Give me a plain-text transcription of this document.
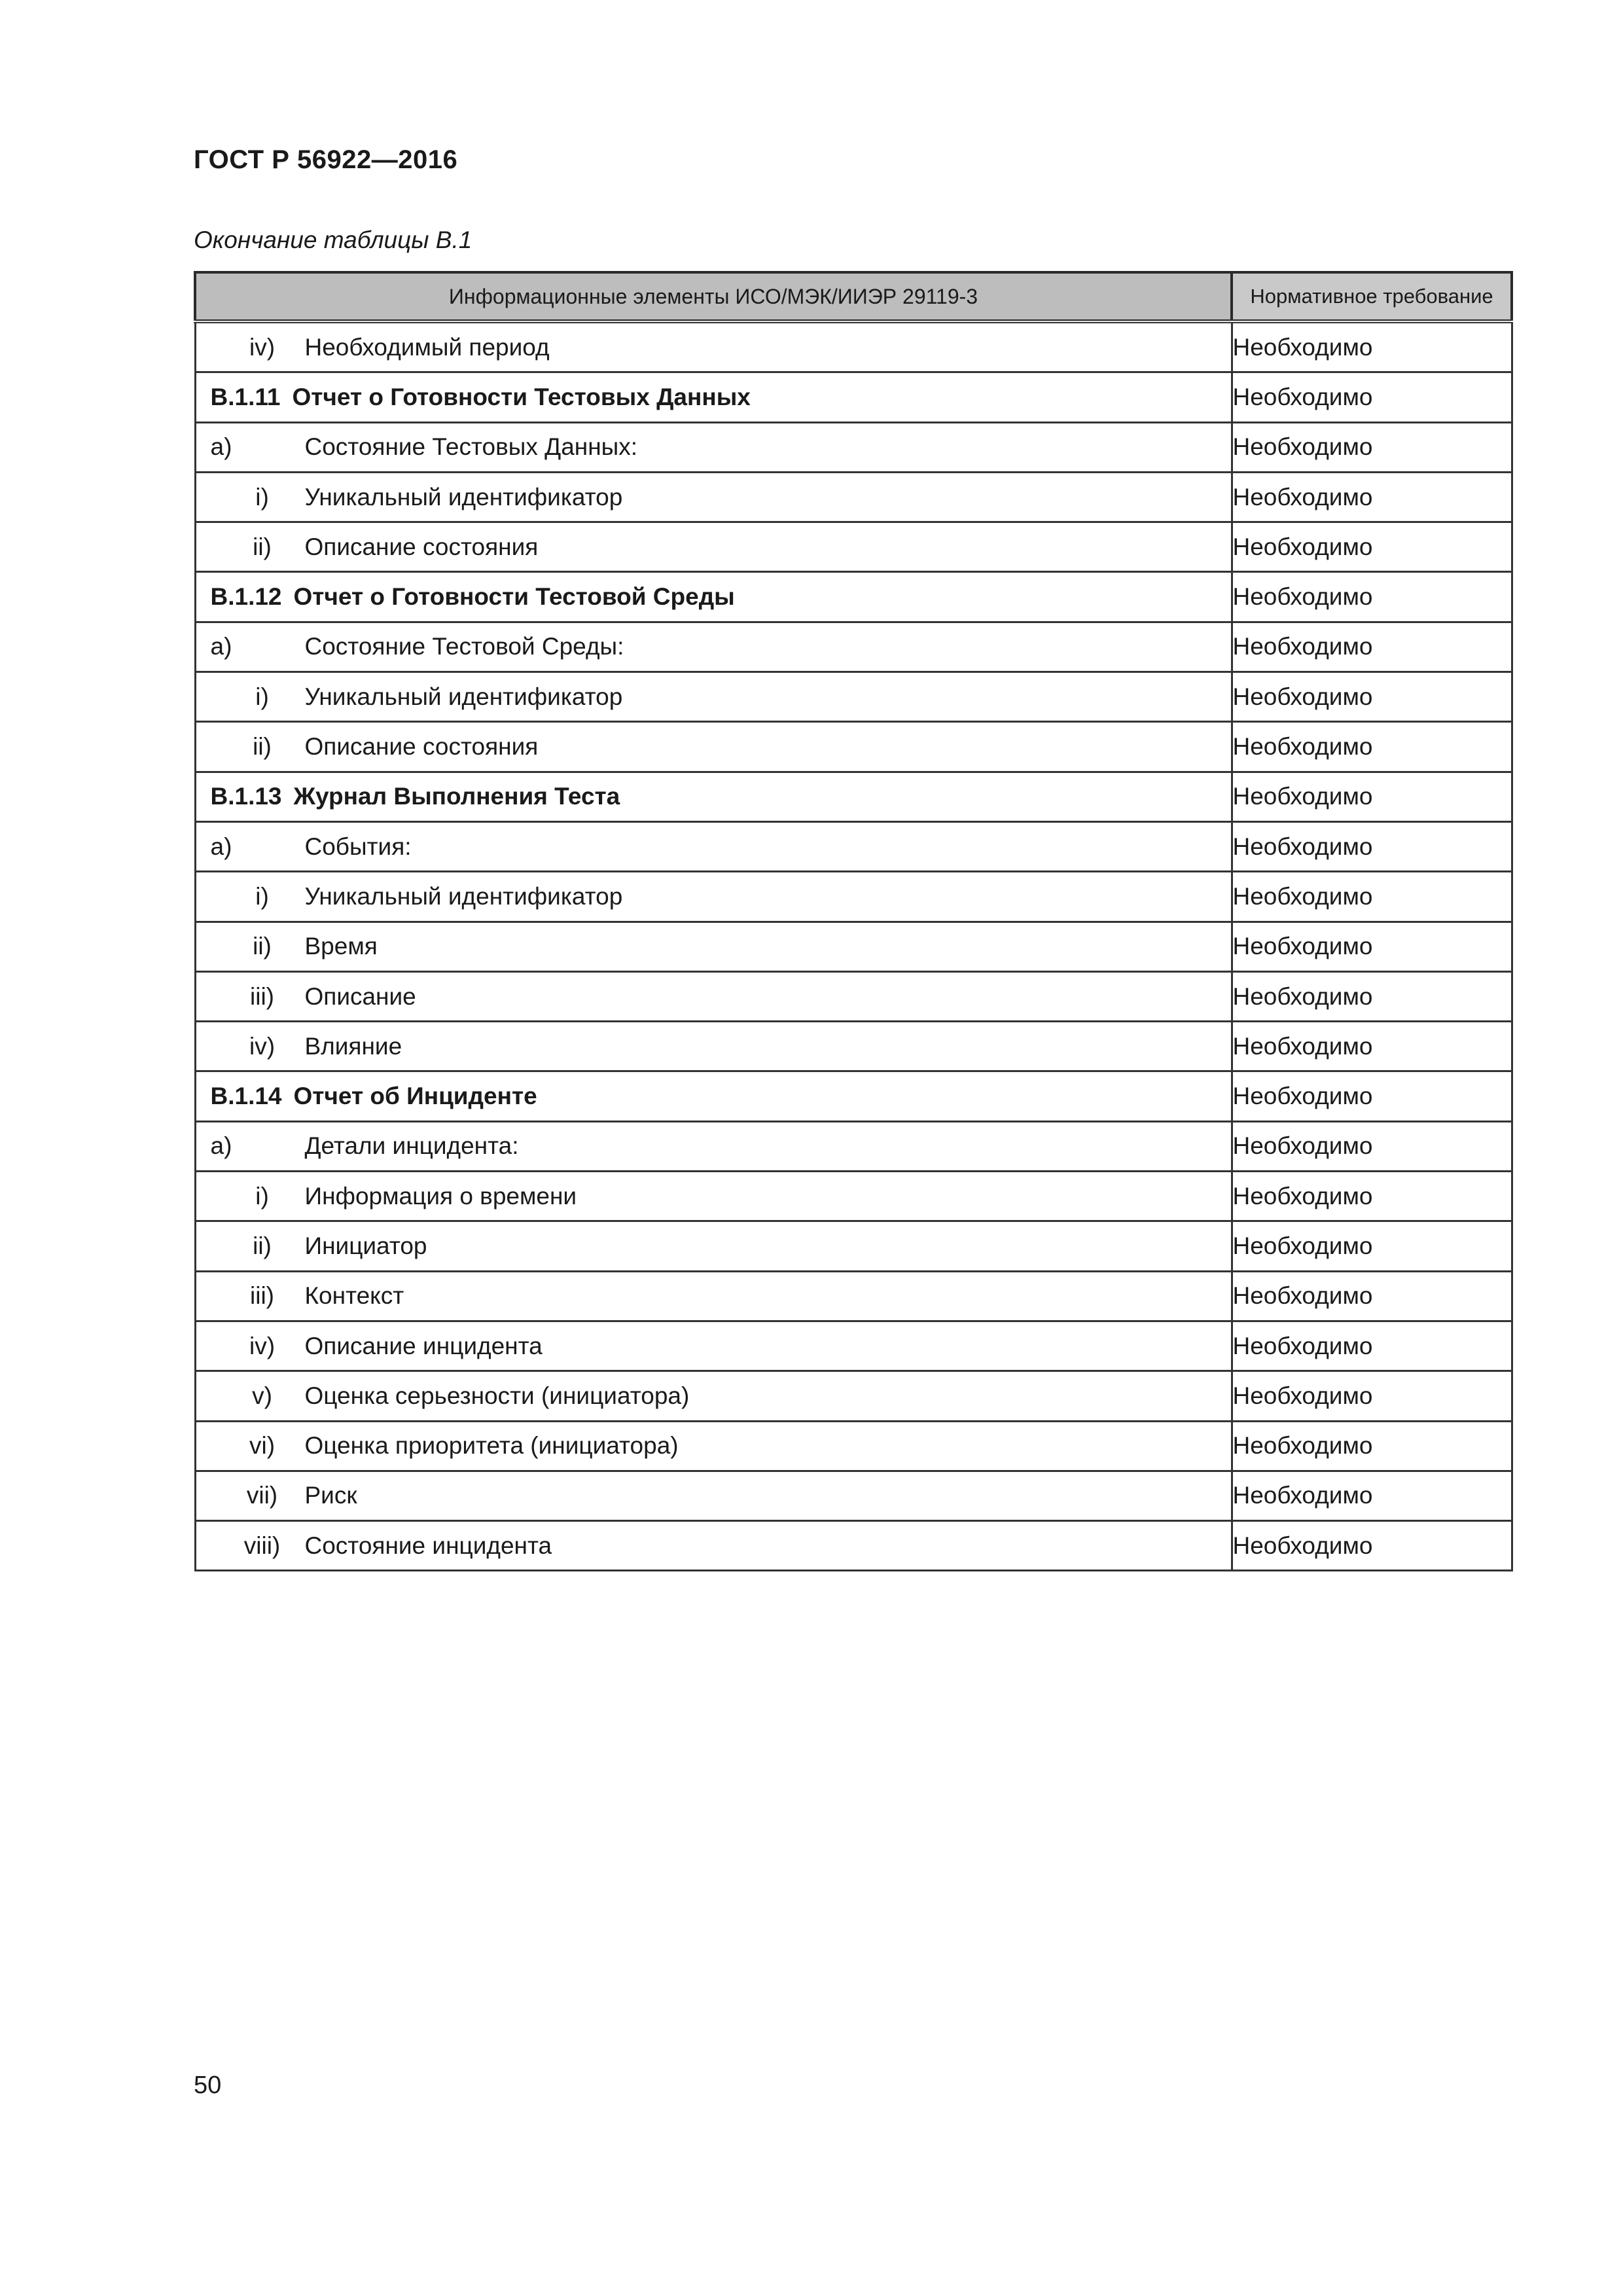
ГОСТ Р 56922—2016
Окончание таблицы В.1
Информационные элементы ИСО/МЭК/ИИЭР 29119-3	Нормативное требование

iv) Необходимый период	Необходимо

В.1.11 Отчет о Готовности Тестовых Данных	Необходимо

a) Состояние Тестовых Данных:	Необходимо

i) Уникальный идентификатор	Необходимо

ii) Описание состояния	Необходимо

В.1.12 Отчет о Готовности Тестовой Среды	Необходимо

a) Состояние Тестовой Среды:	Необходимо

i) Уникальный идентификатор	Необходимо

ii) Описание состояния	Необходимо

В.1.13 Журнал Выполнения Теста	Необходимо

a) События:	Необходимо

i) Уникальный идентификатор	Необходимо

ii) Время	Необходимо

iii) Описание	Необходимо

iv) Влияние	Необходимо

В.1.14 Отчет об Инциденте	Необходимо

a) Детали инцидента:	Необходимо

i) Информация о времени	Необходимо

ii) Инициатор	Необходимо

iii) Контекст	Необходимо

iv) Описание инцидента	Необходимо

v) Оценка серьезности (инициатора)	Необходимо

vi) Оценка приоритета (инициатора)	Необходимо

vii) Риск	Необходимо

viii) Состояние инцидента	Необходимо
50
